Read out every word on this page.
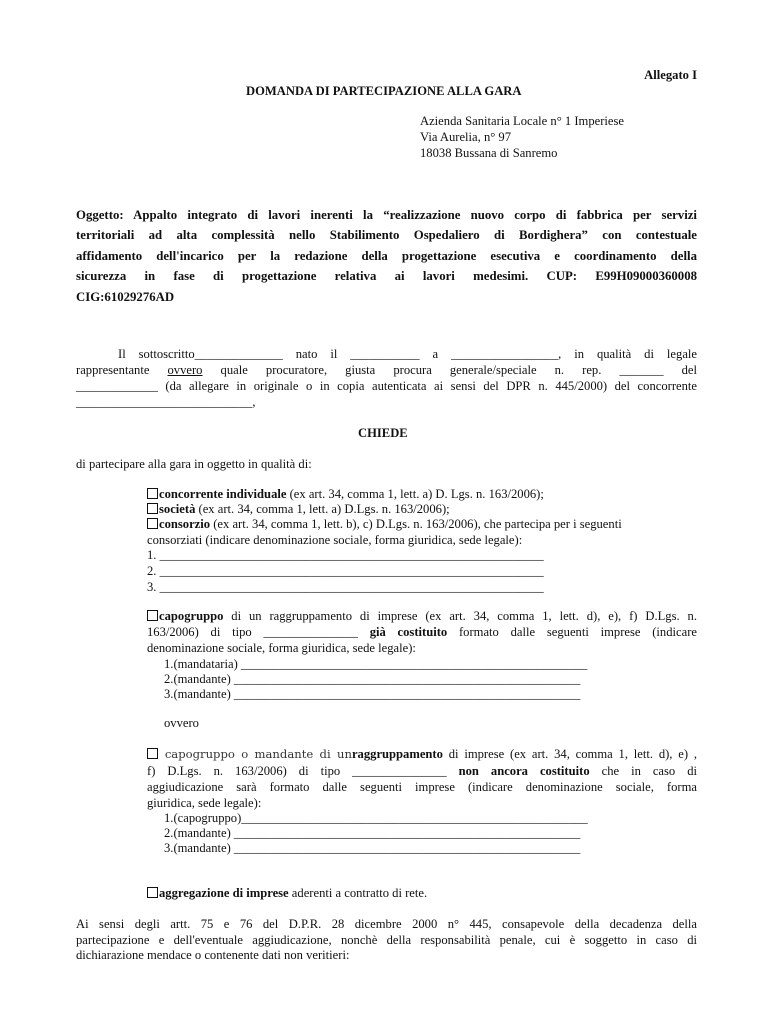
Allegato I
DOMANDA DI PARTECIPAZIONE ALLA GARA
Azienda Sanitaria Locale n° 1 Imperiese
Via Aurelia, n° 97
18038 Bussana di Sanremo
Oggetto: Appalto integrato di lavori inerenti la “realizzazione nuovo corpo di fabbrica per servizi
territoriali ad alta complessità nello Stabilimento Ospedaliero di Bordighera” con contestuale
affidamento dell'incarico per la redazione della progettazione esecutiva e coordinamento della
sicurezza in fase di progettazione relativa ai lavori medesimi. CUP: E99H09000360008
CIG:61029276AD
Il sottoscritto______________ nato il ___________ a _________________, in qualità di legale
rappresentante ovvero quale procuratore, giusta procura generale/speciale n. rep. _______ del
_____________ (da allegare in originale o in copia autenticata ai sensi del DPR n. 445/2000) del concorrente
____________________________,
CHIEDE
di partecipare alla gara in oggetto in qualità di:
concorrente individuale (ex art. 34, comma 1, lett. a) D. Lgs. n. 163/2006);
società (ex art. 34, comma 1, lett. a) D.Lgs. n. 163/2006);
consorzio (ex art. 34, comma 1, lett. b), c) D.Lgs. n. 163/2006), che partecipa per i seguenti
consorziati (indicare denominazione sociale, forma giuridica, sede legale):
1. _____________________________________________________________
2. _____________________________________________________________
3. _____________________________________________________________
capogruppo di un raggruppamento di imprese (ex art. 34, comma 1, lett. d), e), f) D.Lgs. n.
163/2006) di tipo _______________ già costituito formato dalle seguenti imprese (indicare
denominazione sociale, forma giuridica, sede legale):
1.(mandataria) _______________________________________________________
2.(mandante) _______________________________________________________
3.(mandante) _______________________________________________________
ovvero
capogruppo o mandante di unraggruppamento di imprese (ex art. 34, comma 1, lett. d), e) ,
f) D.Lgs. n. 163/2006) di tipo _______________ non ancora costituito che in caso di
aggiudicazione sarà formato dalle seguenti imprese (indicare denominazione sociale, forma
giuridica, sede legale):
1.(capogruppo)_______________________________________________________
2.(mandante) _______________________________________________________
3.(mandante) _______________________________________________________
aggregazione di imprese aderenti a contratto di rete.
Ai sensi degli artt. 75 e 76 del D.P.R. 28 dicembre 2000 n° 445, consapevole della decadenza della
partecipazione e dell'eventuale aggiudicazione, nonchè della responsabilità penale, cui è soggetto in caso di
dichiarazione mendace o contenente dati non veritieri:
